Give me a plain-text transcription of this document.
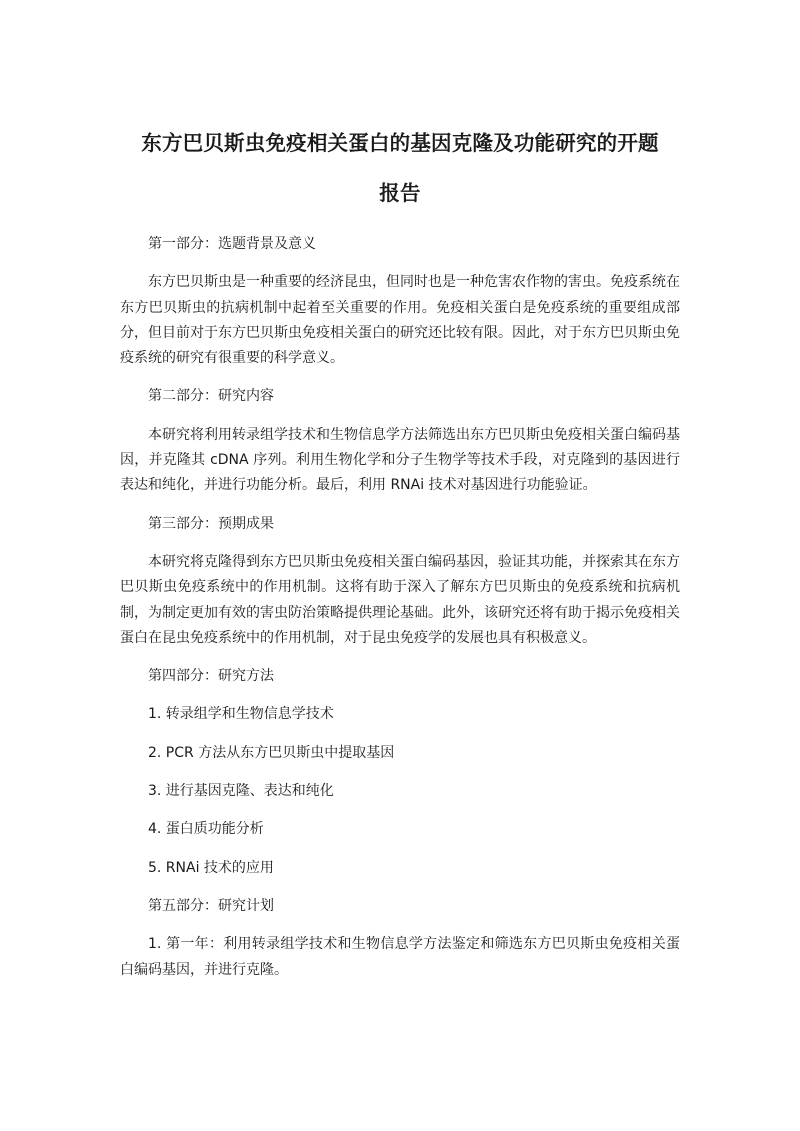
东方巴贝斯虫免疫相关蛋白的基因克隆及功能研究的开题
报告

第一部分：选题背景及意义

东方巴贝斯虫是一种重要的经济昆虫，但同时也是一种危害农作物的害虫。免疫系统在东方巴贝斯虫的抗病机制中起着至关重要的作用。免疫相关蛋白是免疫系统的重要组成部分，但目前对于东方巴贝斯虫免疫相关蛋白的研究还比较有限。因此，对于东方巴贝斯虫免疫系统的研究有很重要的科学意义。

第二部分：研究内容

本研究将利用转录组学技术和生物信息学方法筛选出东方巴贝斯虫免疫相关蛋白编码基因，并克隆其 cDNA 序列。利用生物化学和分子生物学等技术手段，对克隆到的基因进行表达和纯化，并进行功能分析。最后，利用 RNAi 技术对基因进行功能验证。

第三部分：预期成果

本研究将克隆得到东方巴贝斯虫免疫相关蛋白编码基因，验证其功能，并探索其在东方巴贝斯虫免疫系统中的作用机制。这将有助于深入了解东方巴贝斯虫的免疫系统和抗病机制，为制定更加有效的害虫防治策略提供理论基础。此外，该研究还将有助于揭示免疫相关蛋白在昆虫免疫系统中的作用机制，对于昆虫免疫学的发展也具有积极意义。

第四部分：研究方法

1. 转录组学和生物信息学技术

2. PCR 方法从东方巴贝斯虫中提取基因

3. 进行基因克隆、表达和纯化

4. 蛋白质功能分析

5. RNAi 技术的应用

第五部分：研究计划

1. 第一年：利用转录组学技术和生物信息学方法鉴定和筛选东方巴贝斯虫免疫相关蛋白编码基因，并进行克隆。
